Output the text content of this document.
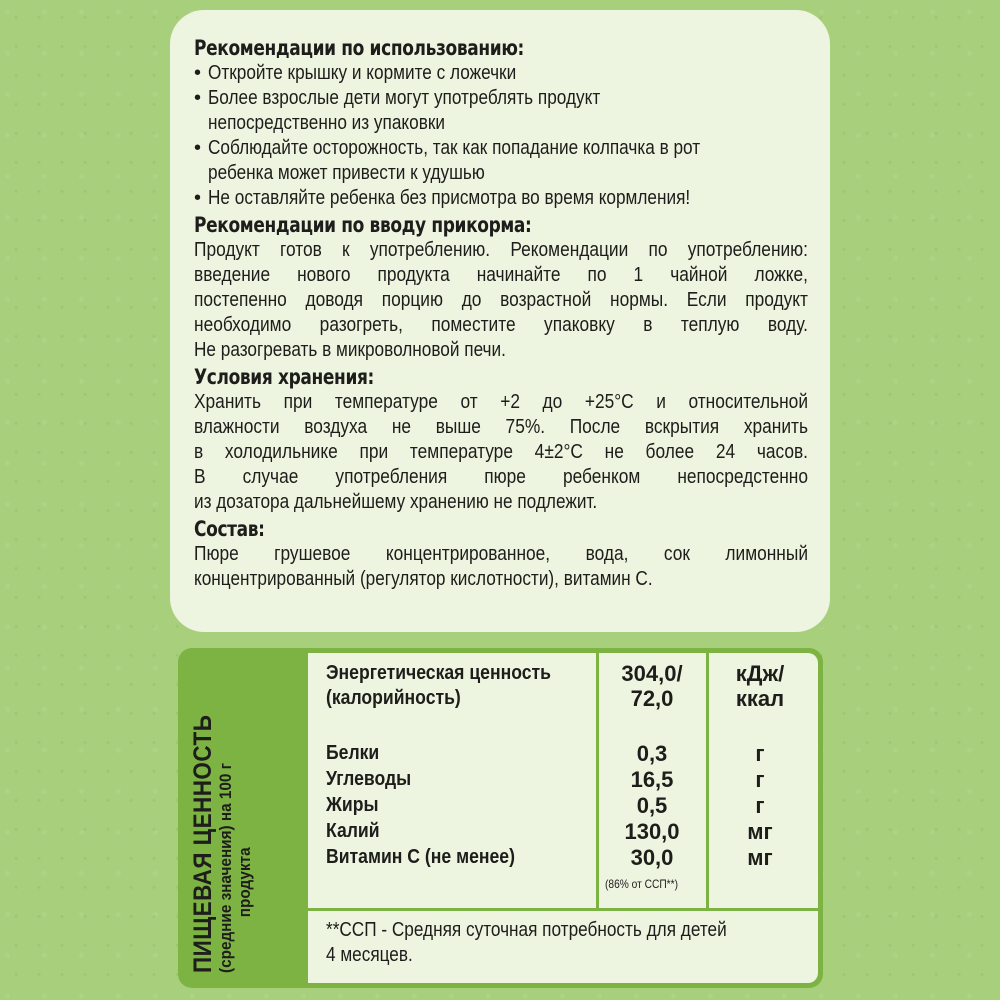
Рекомендации по использованию:
• Откройте крышку и кормите с ложечки
• Более взрослые дети могут употреблять продукт
непосредственно из упаковки
• Соблюдайте осторожность, так как попадание колпачка в рот
ребенка может привести к удушью
• Не оставляйте ребенка без присмотра во время кормления!
Рекомендации по вводу прикорма:
Продукт готов к употреблению. Рекомендации по употреблению:
введение нового продукта начинайте по 1 чайной ложке,
постепенно доводя порцию до возрастной нормы. Если продукт
необходимо разогреть, поместите упаковку в теплую воду.
Не разогревать в микроволновой печи.
Условия хранения:
Хранить при температуре от +2 до +25°С и относительной
влажности воздуха не выше 75%. После вскрытия хранить
в холодильнике при температуре 4±2°С не более 24 часов.
В случае употребления пюре ребенком непосредстенно
из дозатора дальнейшему хранению не подлежит.
Состав:
Пюре грушевое концентрированное, вода, сок лимонный
концентрированный (регулятор кислотности), витамин С.
ПИЩЕВАЯ ЦЕННОСТЬ (средние значения) на 100 г продукта
Энергетическая ценность
(калорийность)
304,0/
72,0
кДж/
ккал
Белки
Углеводы
Жиры
Калий
Витамин С (не менее)
0,3
16,5
0,5
130,0
30,0
г
г
г
мг
мг
(86% от ССП**)
**ССП - Средняя суточная потребность для детей
4 месяцев.
